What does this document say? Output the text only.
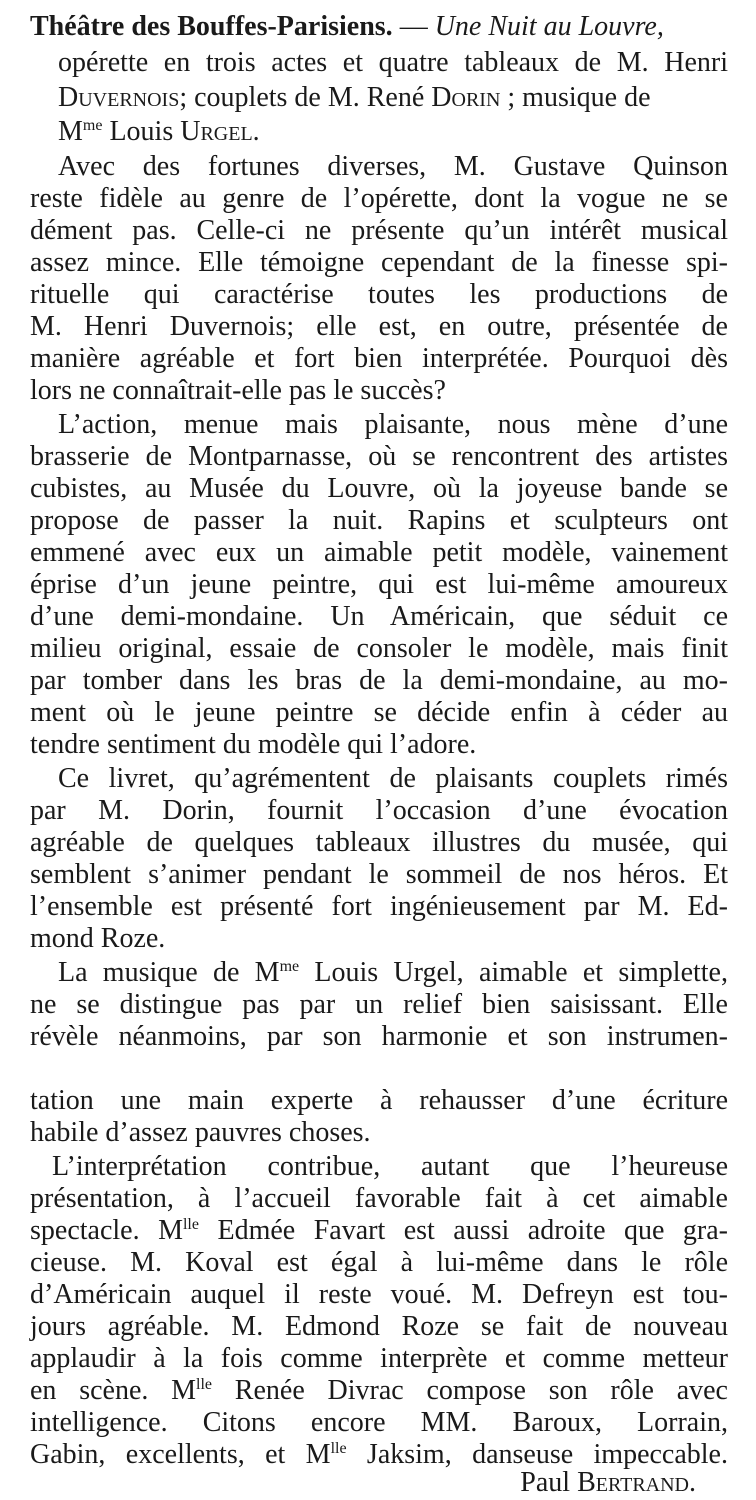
Théâtre des Bouffes-Parisiens. — Une Nuit au Louvre,
opérette en trois actes et quatre tableaux de M. Henri
Duvernois; couplets de M. René Dorin ; musique de
$M^{me}$ Louis Urgel.
Avec des fortunes diverses, M. Gustave Quinson
reste fidèle au genre de l’opérette, dont la vogue ne se
dément pas. Celle-ci ne présente qu’un intérêt musical
assez mince. Elle témoigne cependant de la finesse spi-
rituelle qui caractérise toutes les productions de
M. Henri Duvernois; elle est, en outre, présentée de
manière agréable et fort bien interprétée. Pourquoi dès
lors ne connaîtrait-elle pas le succès?
L’action, menue mais plaisante, nous mène d’une
brasserie de Montparnasse, où se rencontrent des artistes
cubistes, au Musée du Louvre, où la joyeuse bande se
propose de passer la nuit. Rapins et sculpteurs ont
emmené avec eux un aimable petit modèle, vainement
éprise d’un jeune peintre, qui est lui-même amoureux
d’une demi-mondaine. Un Américain, que séduit ce
milieu original, essaie de consoler le modèle, mais finit
par tomber dans les bras de la demi-mondaine, au mo-
ment où le jeune peintre se décide enfin à céder au
tendre sentiment du modèle qui l’adore.
Ce livret, qu’agrémentent de plaisants couplets rimés
par M. Dorin, fournit l’occasion d’une évocation
agréable de quelques tableaux illustres du musée, qui
semblent s’animer pendant le sommeil de nos héros. Et
l’ensemble est présenté fort ingénieusement par M. Ed-
mond Roze.
La musique de $M^{me}$ Louis Urgel, aimable et simplette,
ne se distingue pas par un relief bien saisissant. Elle
révèle néanmoins, par son harmonie et son instrumen-
tation une main experte à rehausser d’une écriture
habile d’assez pauvres choses.
L’interprétation contribue, autant que l’heureuse
présentation, à l’accueil favorable fait à cet aimable
spectacle. $M^{lle}$ Edmée Favart est aussi adroite que gra-
cieuse. M. Koval est égal à lui-même dans le rôle
d’Américain auquel il reste voué. M. Defreyn est tou-
jours agréable. M. Edmond Roze se fait de nouveau
applaudir à la fois comme interprète et comme metteur
en scène. $M^{lle}$ Renée Divrac compose son rôle avec
intelligence. Citons encore MM. Baroux, Lorrain,
Gabin, excellents, et $M^{lle}$ Jaksim, danseuse impeccable.
Paul Bertrand.
